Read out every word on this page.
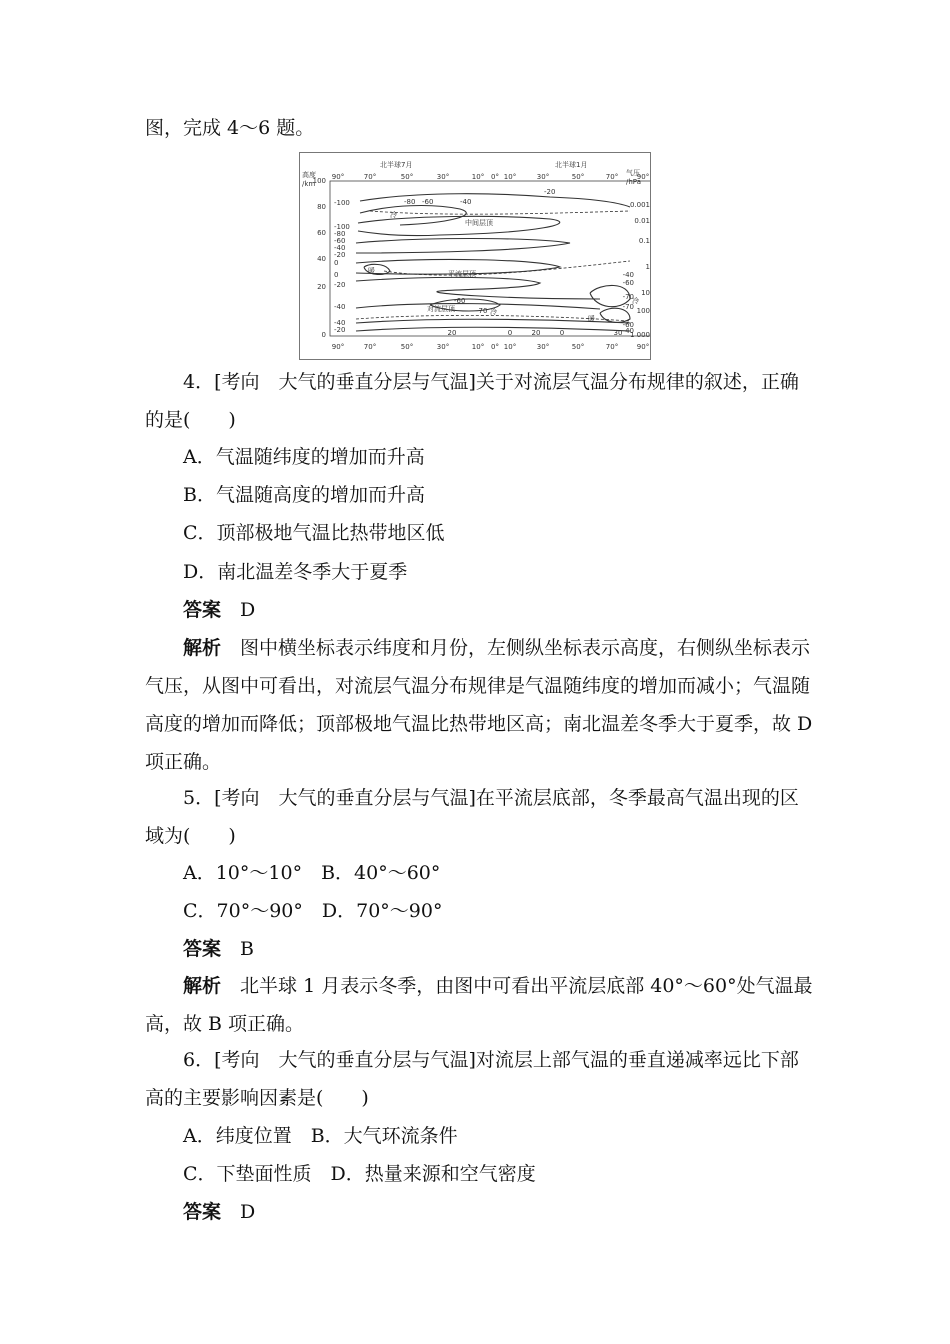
图，完成 4～6 题。
北半球7月	北半球1月
高度
/km
气压
/hPa
90°	70°	50°	30°	10° 0° 10°	30°	50°	70°	90°
90°	70°	50°	30°	10° 0° 10°	30°	50°	70°	90°
100
80
60
40
20
0
0.001
0.01
0.1
1
10
100
1 000
中间层顶
平流层顶
对流层顶
冷
冷
冷
暖
暖
-100
-100
-80
-60
-40
-20
0
0
-20
-40
-40
-20
-80 -60	-40
-20
-40
-60
-70
-70
-60
-40
20	0	20	0	30
-60
-70
4．[考向　大气的垂直分层与气温]关于对流层气温分布规律的叙述，正确
的是(　　)
A．气温随纬度的增加而升高
B．气温随高度的增加而升高
C．顶部极地气温比热带地区低
D．南北温差冬季大于夏季
答案　 D
解析　 图中横坐标表示纬度和月份，左侧纵坐标表示高度，右侧纵坐标表示
气压，从图中可看出，对流层气温分布规律是气温随纬度的增加而减小；气温随
高度的增加而降低；顶部极地气温比热带地区高；南北温差冬季大于夏季，故 D
项正确。
5．[考向　大气的垂直分层与气温]在平流层底部，冬季最高气温出现的区
域为(　　)
A．10°～10°　B．40°～60°
C．70°～90°　D．70°～90°
答案　 B
解析　 北半球 1 月表示冬季，由图中可看出平流层底部 40°～60°处气温最
高，故 B 项正确。
6．[考向　大气的垂直分层与气温]对流层上部气温的垂直递减率远比下部
高的主要影响因素是(　　)
A．纬度位置　B．大气环流条件
C．下垫面性质　D．热量来源和空气密度
答案　 D
